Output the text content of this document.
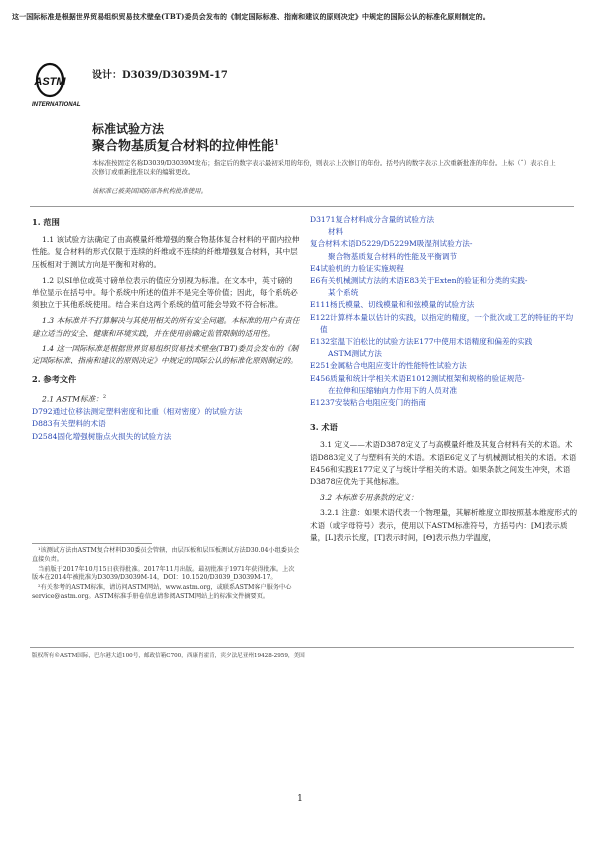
这一国际标准是根据世界贸易组织贸易技术壁垒(TBT)委员会发布的《制定国际标准、指南和建议的原则决定》中规定的国际公认的标准化原则制定的。
ASTM
INTERNATIONAL
设计：D3039/D3039M-17
标准试验方法
聚合物基质复合材料的拉伸性能$^1$
本标准按固定名称D3039/D3039M发布；指定后的数字表示最初采用的年份，则表示上次修订的年份。括号内的数字表示上次重新批准的年份。上标（ˆ）表示自上次修订或重新批准以来的编辑更改。
该标准已被美国国防部各机构批准使用。

1. 范围

1.1 该试验方法确定了由高模量纤维增强的聚合物基体复合材料的平面内拉伸性能。复合材料的形式仅限于连续的纤维或不连续的纤维增强复合材料，其中层压板相对于测试方向是平衡和对称的。

1.2 以SI单位或英寸磅单位表示的值应分别视为标准。在文本中，英寸磅的单位显示在括号中。每个系统中所述的值并不是完全等价值；因此，每个系统必须独立于其他系统使用。结合来自这两个系统的值可能会导致不符合标准。

1.3 本标准并不打算解决与其使用相关的所有安全问题。本标准的用户有责任建立适当的安全、健康和环境实践，并在使用前确定监管限制的适用性。

1.4 这一国际标准是根据世界贸易组织贸易技术壁垒(TBT)委员会发布的《制定国际标准、指南和建议的原则决定》中规定的国际公认的标准化原则制定的。

2. 参考文件

2.1 ASTM标准：$^2$

D792通过位移法测定塑料密度和比重（相对密度）的试验方法

D883有关塑料的术语

D2584固化增强树脂点火损失的试验方法

¹该测试方法由ASTM复合材料D30委员会管辖，由层压板和层压板测试方法D30.04小组委员会直接负责。

当前版于2017年10月15日获得批准。2017年11月出版。最初批准于1971年获得批准。上次版本在2014年被批准为D3039/D3039M-14，DOI：10.1520/D3039_D3039M-17。

²有关参考的ASTM标准，请访问ASTM网站，www.astm.org，或联系ASTM客户服务中心service@astm.org。ASTM标准手册卷信息请参阅ASTM网站上的标准文件摘要页。

D3171复合材料成分含量的试验方法

材料

复合材料术语D5229/D5229M吸湿剂试验方法-

聚合物基质复合材料的性能及平衡调节

E4试验机的力验证实施规程

E6有关机械测试方法的术语E83关于Exten的验证和分类的实践-

某个系统

E111杨氏模量、切线模量和和弦模量的试验方法

E122计算样本量以估计的实践，以指定的精度，一个批次或工艺的特征的平均值

E132室温下泊松比的试验方法E177中使用术语精度和偏差的实践

ASTM测试方法

E251金属粘合电阻应变计的性能特性试验方法

E456质量和统计学相关术语E1012测试框架和规格的验证规范-

在拉伸和压缩轴向力作用下的人员对准

E1237安装粘合电阻应变门的指南

3. 术语

3.1 定义——术语D3878定义了与高模量纤维及其复合材料有关的术语。术语D883定义了与塑料有关的术语。术语E6定义了与机械测试相关的术语。术语E456和实践E177定义了与统计学相关的术语。如果条款之间发生冲突，术语D3878应优先于其他标准。

3.2 本标准专用条款的定义：

3.2.1 注意：如果术语代表一个物理量，其解析维度立即按照基本维度形式的术语（或字母符号）表示，使用以下ASTM标准符号，方括号内：[M]表示质量，[L]表示长度，[T]表示时间，[Θ]表示热力学温度，

版权所有©ASTM国际，巴尔港大道100号，邮政信箱C700，西康肖霍肯，宾夕法尼亚州19428-2959，美国
1
